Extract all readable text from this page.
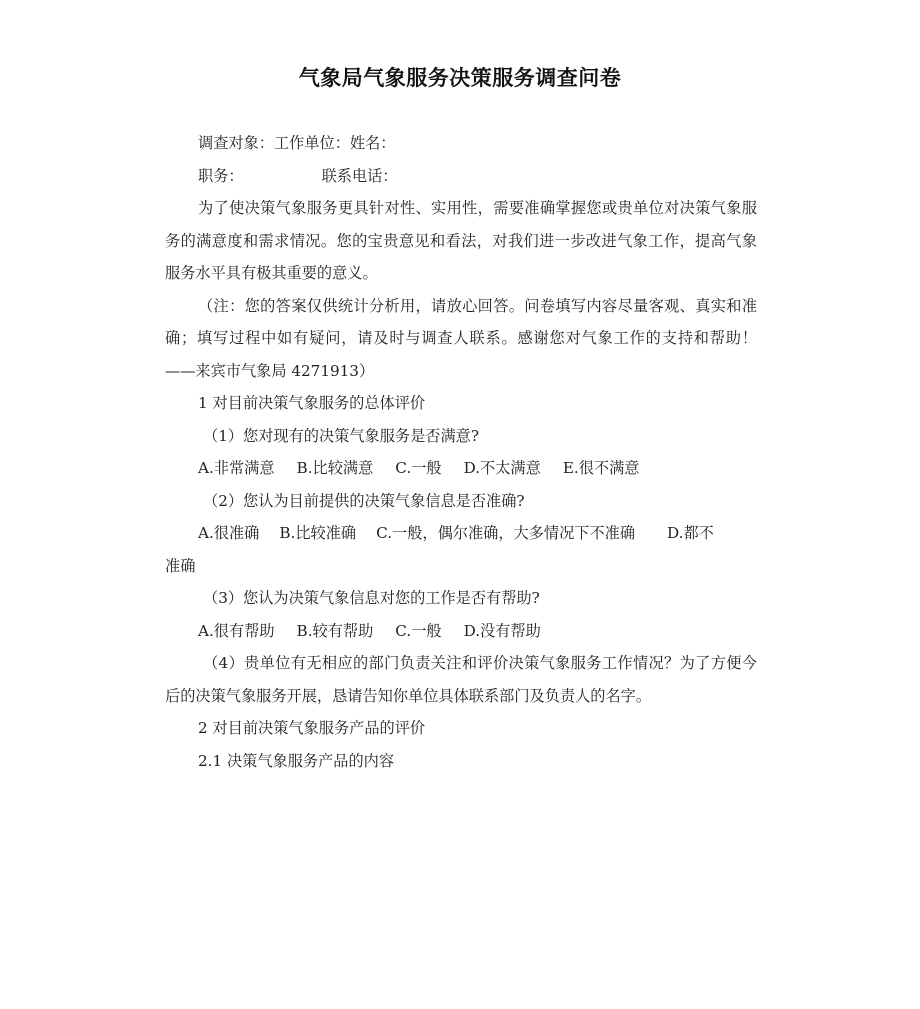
气象局气象服务决策服务调查问卷
调查对象：工作单位：姓名：
职务：	联系电话：
为了使决策气象服务更具针对性、实用性，需要准确掌握您或贵单位对决策气象服务的满意度和需求情况。您的宝贵意见和看法，对我们进一步改进气象工作，提高气象服务水平具有极其重要的意义。
（注：您的答案仅供统计分析用，请放心回答。问卷填写内容尽量客观、真实和准确；填写过程中如有疑问，请及时与调查人联系。感谢您对气象工作的支持和帮助！——来宾市气象局 4271913）
1 对目前决策气象服务的总体评价
（1）您对现有的决策气象服务是否满意?
A.非常满意 B.比较满意 C.一般 D.不太满意 E.很不满意
（2）您认为目前提供的决策气象信息是否准确?
A.很准确 B.比较准确 C.一般，偶尔准确，大多情况下不准确 D.都不
准确
（3）您认为决策气象信息对您的工作是否有帮助?
A.很有帮助 B.较有帮助 C.一般 D.没有帮助
（4）贵单位有无相应的部门负责关注和评价决策气象服务工作情况？为了方便今后的决策气象服务开展，恳请告知你单位具体联系部门及负责人的名字。
2 对目前决策气象服务产品的评价
2.1 决策气象服务产品的内容
